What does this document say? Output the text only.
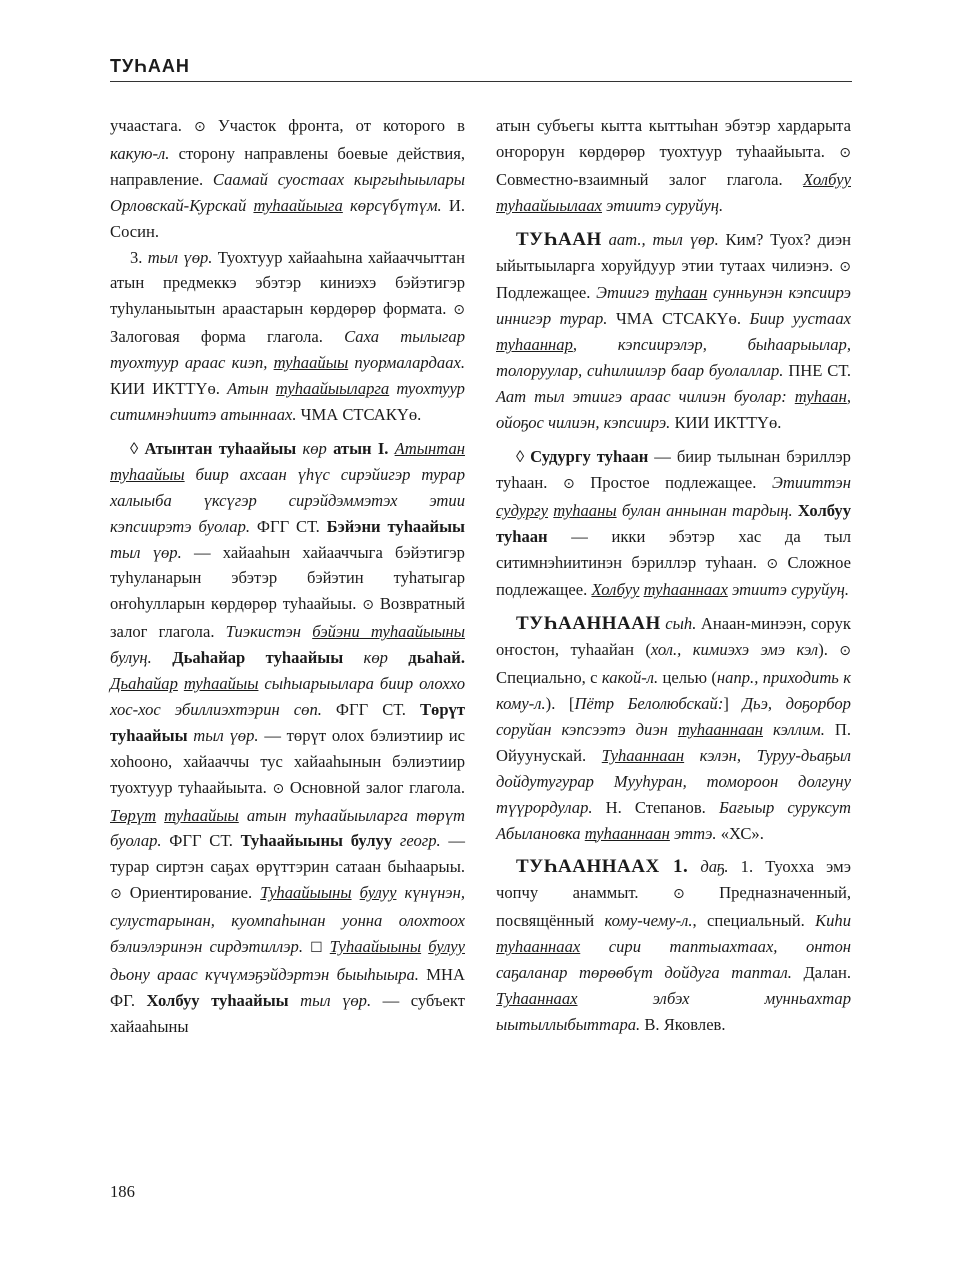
ТУҺААН

учаастага. ⊙ Участок фронта, от которого в какую-л. сторону направлены боевые действия, направление. Саамай суостаах кыргыһыылары Орловскай-Курскай туһаайыыга көрсүбүтүм. И. Сосин.

3. тыл үөр. Туохтуур хайааһына хайааччыттан атын предмеккэ эбэтэр киниэхэ бэйэтигэр туһуланыытын араастарын көрдөрөр формата. ⊙ Залоговая форма глагола. Саха тылыгар туохтуур араас киэп, туһаайыы пуормалардаах. КИИ ИКТТҮө. Атын туһаайыыларга туохтуур ситимнэһиитэ атыннаах. ЧМА СТСАКҮө.

◊ Атынтан туһаайыы көр атын I. Атынтан туһаайыы биир ахсаан үһүс сирэйигэр турар халыыба үксүгэр сирэйдэммэтэх этии кэпсиирэтэ буолар. ФГГ СТ. Бэйэни туһаайыы тыл үөр. — хайааһын хайааччыга бэйэтигэр туһуланарын эбэтэр бэйэтин туһатыгар оҥоһулларын көрдөрөр туһаайыы. ⊙ Возвратный залог глагола. Тиэкистэн бэйэни туһаайыыны булуң. Дьаһайар туһаайыы көр дьаһай. Дьаһайар туһаайыы сыһыарыылара биир олоххо хос-хос эбиллиэхтэрин сөп. ФГГ СТ. Төрүт туһаайыы тыл үөр. — төрүт олох бэлиэтиир ис хоһооно, хайааччы тус хайааһынын бэлиэтиир туохтуур туһаайыыта. ⊙ Основной залог глагола. Төрүт туһаайыы атын туһаайыыларга төрүт буолар. ФГГ СТ. Туһаайыыны булуу геогр. — турар сиртэн саҕах өрүттэрин сатаан быһаарыы. ⊙ Ориентирование. Туһаайыыны булуу күнүнэн, сулустарынан, куомпаһынан уонна олохтоох бэлиэлэринэн сирдэтиллэр. ☐ Туһаайыыны булуу дьону араас күчүмэҕэйдэртэн быыһыыра. МНА ФГ. Холбуу туһаайыы тыл үөр. — субъект хайааһыны

атын субъегы кытта кыттыһан эбэтэр хардарыта оҥорорун көрдөрөр туохтуур туһаайыыта. ⊙ Совместно-взаимный залог глагола. Холбуу туһаайыылаах этиитэ суруйуң.

ТУҺААН аат., тыл үөр. Ким? Туох? диэн ыйытыыларга хоруйдуур этии тутаах чилиэнэ. ⊙ Подлежащее. Этиигэ туһаан сунньунэн кэпсиирэ иннигэр турар. ЧМА СТСАКҮө. Биир уустаах туһааннар, кэпсиирэлэр, быһаарыылар, толоруулар, сиһилиилэр баар буолаллар. ПНЕ СТ. Аат тыл этиигэ араас чилиэн буолар: туһаан, ойоҕос чилиэн, кэпсиирэ. КИИ ИКТТҮө.

◊ Судургу туһаан — биир тылынан бэриллэр туһаан. ⊙ Простое подлежащее. Этииттэн судургу туһааны булан аннынан тардың. Холбуу туһаан — икки эбэтэр хас да тыл ситимнэһиитинэн бэриллэр туһаан. ⊙ Сложное подлежащее. Холбуу туһааннаах этиитэ суруйуң.

ТУҺААННААН сыһ. Анаан-минээн, сорук оҥостон, туһаайан (хол., кимиэхэ эмэ кэл). ⊙ Специально, с какой-л. целью (напр., приходить к кому-л.). [Пётр Белолюбскай:] Дьэ, доҕорбор соруйан кэпсээтэ диэн туһааннаан кэллим. П. Ойуунускай. Туһааннаан кэлэн, Туруу-дьаҕыл дойдутугурар Мууһуран, томороон долгуну түүрордулар. Н. Степанов. Бағыыр суруксут Абылановка туһааннаан эттэ. «ХС».

ТУҺААННААХ 1. даҕ. 1. Туохха эмэ чопчу анаммыт. ⊙ Предназначенный, посвящённый кому-чему-л., специальный. Киһи туһааннаах сири таптыахтаах, онтон саҕаланар төрөөбүт дойдуга таптал. Далан. Туһааннаах элбэх мунньахтар ыытыллыбыттара. В. Яковлев.

186
